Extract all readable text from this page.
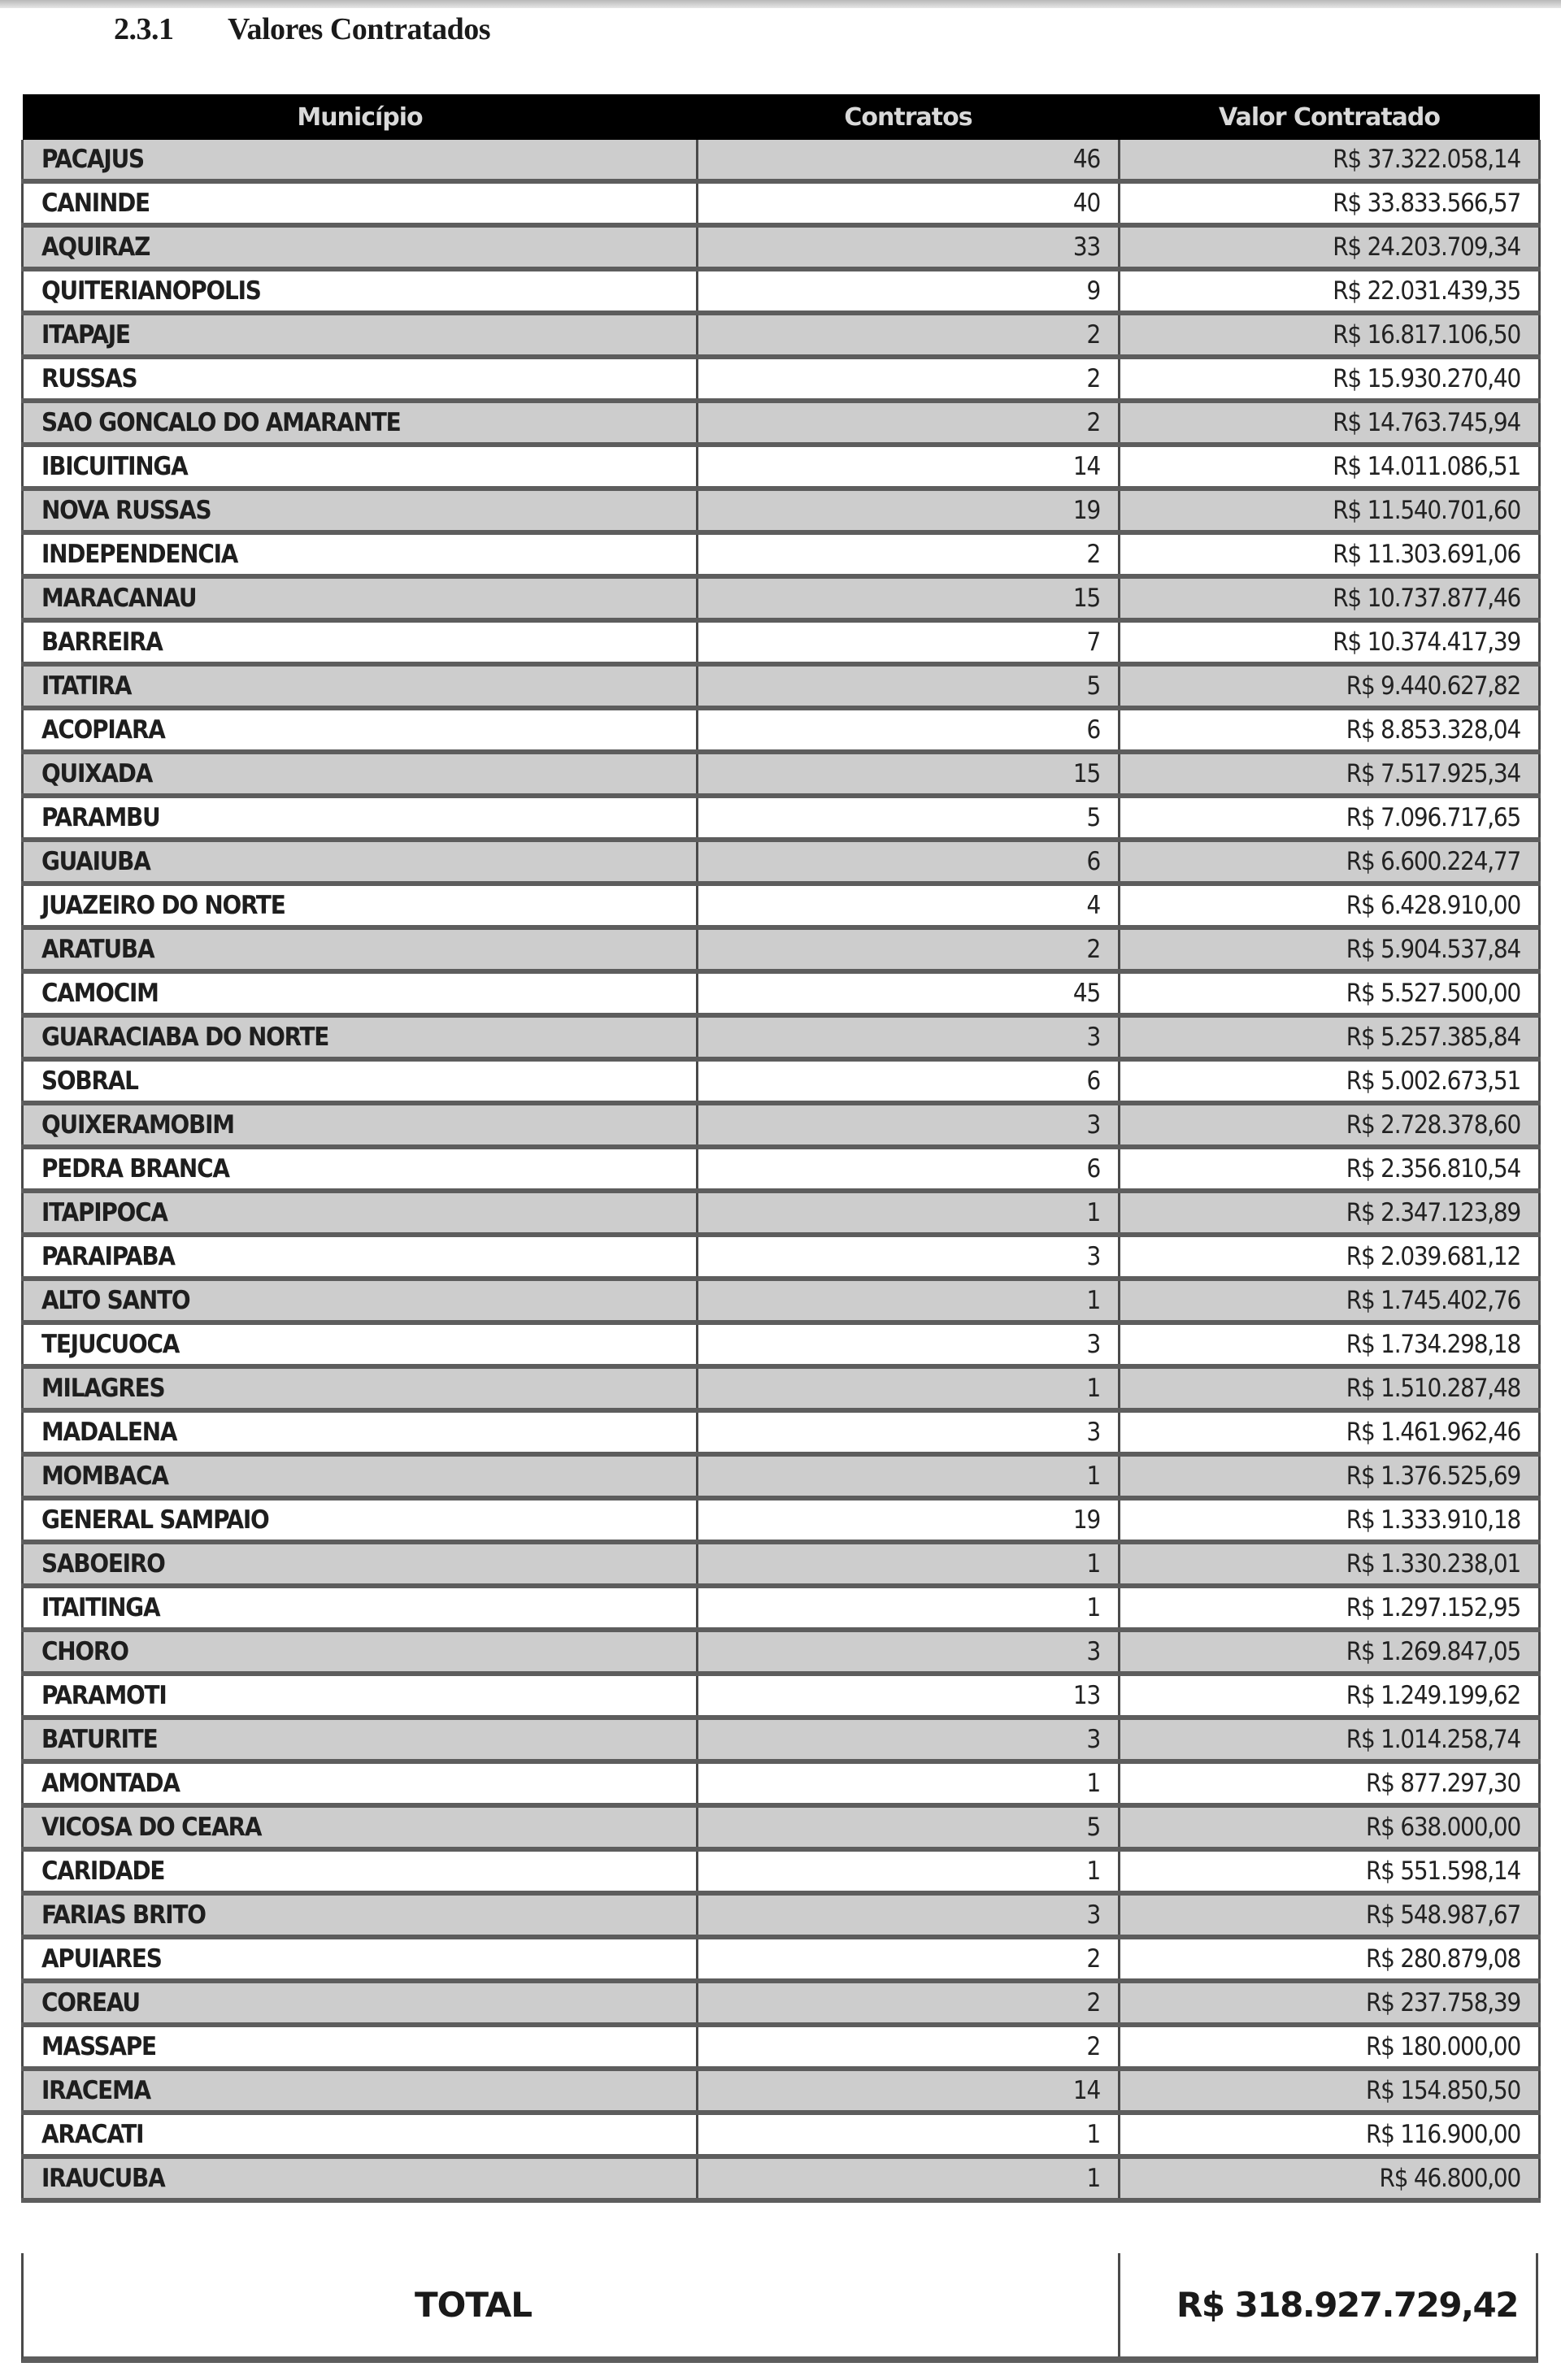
2.3.1 Valores Contratados
Município	Contratos	Valor Contratado
PACAJUS	46	R$ 37.322.058,14
CANINDE	40	R$ 33.833.566,57
AQUIRAZ	33	R$ 24.203.709,34
QUITERIANOPOLIS	9	R$ 22.031.439,35
ITAPAJE	2	R$ 16.817.106,50
RUSSAS	2	R$ 15.930.270,40
SAO GONCALO DO AMARANTE	2	R$ 14.763.745,94
IBICUITINGA	14	R$ 14.011.086,51
NOVA RUSSAS	19	R$ 11.540.701,60
INDEPENDENCIA	2	R$ 11.303.691,06
MARACANAU	15	R$ 10.737.877,46
BARREIRA	7	R$ 10.374.417,39
ITATIRA	5	R$ 9.440.627,82
ACOPIARA	6	R$ 8.853.328,04
QUIXADA	15	R$ 7.517.925,34
PARAMBU	5	R$ 7.096.717,65
GUAIUBA	6	R$ 6.600.224,77
JUAZEIRO DO NORTE	4	R$ 6.428.910,00
ARATUBA	2	R$ 5.904.537,84
CAMOCIM	45	R$ 5.527.500,00
GUARACIABA DO NORTE	3	R$ 5.257.385,84
SOBRAL	6	R$ 5.002.673,51
QUIXERAMOBIM	3	R$ 2.728.378,60
PEDRA BRANCA	6	R$ 2.356.810,54
ITAPIPOCA	1	R$ 2.347.123,89
PARAIPABA	3	R$ 2.039.681,12
ALTO SANTO	1	R$ 1.745.402,76
TEJUCUOCA	3	R$ 1.734.298,18
MILAGRES	1	R$ 1.510.287,48
MADALENA	3	R$ 1.461.962,46
MOMBACA	1	R$ 1.376.525,69
GENERAL SAMPAIO	19	R$ 1.333.910,18
SABOEIRO	1	R$ 1.330.238,01
ITAITINGA	1	R$ 1.297.152,95
CHORO	3	R$ 1.269.847,05
PARAMOTI	13	R$ 1.249.199,62
BATURITE	3	R$ 1.014.258,74
AMONTADA	1	R$ 877.297,30
VICOSA DO CEARA	5	R$ 638.000,00
CARIDADE	1	R$ 551.598,14
FARIAS BRITO	3	R$ 548.987,67
APUIARES	2	R$ 280.879,08
COREAU	2	R$ 237.758,39
MASSAPE	2	R$ 180.000,00
IRACEMA	14	R$ 154.850,50
ARACATI	1	R$ 116.900,00
IRAUCUBA	1	R$ 46.800,00
TOTAL	R$ 318.927.729,42
